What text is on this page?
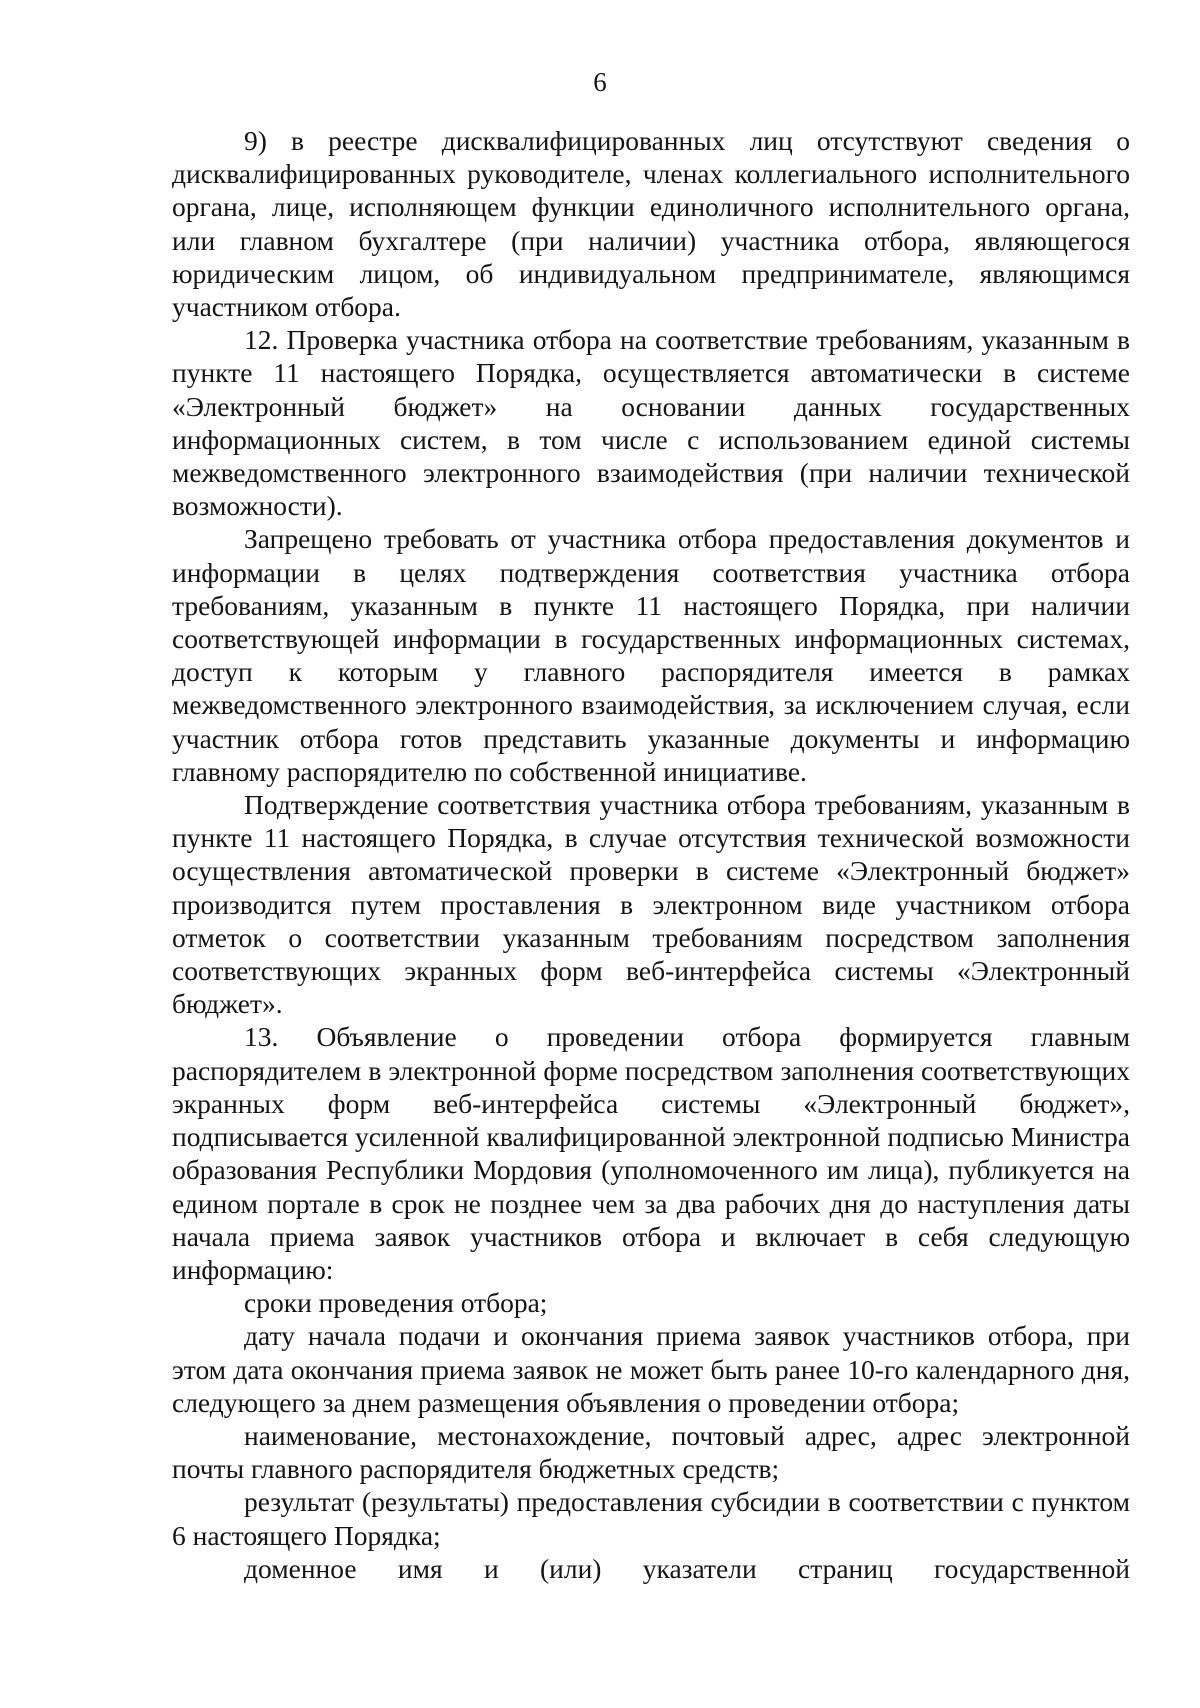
6

9) в реестре дисквалифицированных лиц отсутствуют сведения о дисквалифицированных руководителе, членах коллегиального исполнительного органа, лице, исполняющем функции единоличного исполнительного органа, или главном бухгалтере (при наличии) участника отбора, являющегося юридическим лицом, об индивидуальном предпринимателе, являющимся участником отбора.

12. Проверка участника отбора на соответствие требованиям, указанным в пункте 11 настоящего Порядка, осуществляется автоматически в системе «Электронный бюджет» на основании данных государственных информационных систем, в том числе с использованием единой системы межведомственного электронного взаимодействия (при наличии технической возможности).

Запрещено требовать от участника отбора предоставления документов и информации в целях подтверждения соответствия участника отбора требованиям, указанным в пункте 11 настоящего Порядка, при наличии соответствующей информации в государственных информационных системах, доступ к которым у главного распорядителя имеется в рамках межведомственного электронного взаимодействия, за исключением случая, если участник отбора готов представить указанные документы и информацию главному распорядителю по собственной инициативе.

Подтверждение соответствия участника отбора требованиям, указанным в пункте 11 настоящего Порядка, в случае отсутствия технической возможности осуществления автоматической проверки в системе «Электронный бюджет» производится путем проставления в электронном виде участником отбора отметок о соответствии указанным требованиям посредством заполнения соответствующих экранных форм веб-интерфейса системы «Электронный бюджет».

13. Объявление о проведении отбора формируется главным распорядителем в электронной форме посредством заполнения соответствующих экранных форм веб-интерфейса системы «Электронный бюджет», подписывается усиленной квалифицированной электронной подписью Министра образования Республики Мордовия (уполномоченного им лица), публикуется на едином портале в срок не позднее чем за два рабочих дня до наступления даты начала приема заявок участников отбора и включает в себя следующую информацию:

сроки проведения отбора;

дату начала подачи и окончания приема заявок участников отбора, при этом дата окончания приема заявок не может быть ранее 10-го календарного дня, следующего за днем размещения объявления о проведении отбора;

наименование, местонахождение, почтовый адрес, адрес электронной почты главного распорядителя бюджетных средств;

результат (результаты) предоставления субсидии в соответствии с пунктом 6 настоящего Порядка;

доменное имя и (или) указатели страниц государственной
